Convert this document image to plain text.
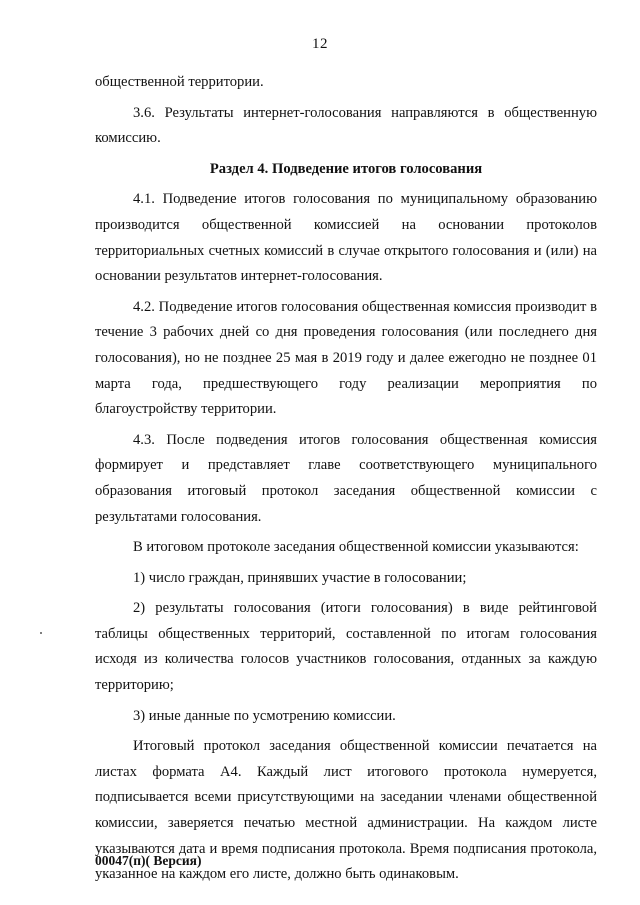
12

общественной территории.

3.6. Результаты интернет-голосования направляются в общественную комиссию.

Раздел 4. Подведение итогов голосования

4.1. Подведение итогов голосования по муниципальному образованию производится общественной комиссией на основании протоколов территориальных счетных комиссий в случае открытого голосования и (или) на основании результатов интернет-голосования.

4.2. Подведение итогов голосования общественная комиссия производит в течение 3 рабочих дней со дня проведения голосования (или последнего дня голосования), но не позднее 25 мая в 2019 году и далее ежегодно не позднее 01 марта года, предшествующего году реализации мероприятия по благоустройству территории.

4.3. После подведения итогов голосования общественная комиссия формирует и представляет главе соответствующего муниципального образования итоговый протокол заседания общественной комиссии с результатами голосования.

В итоговом протоколе заседания общественной комиссии указываются:

1) число граждан, принявших участие в голосовании;

2) результаты голосования (итоги голосования) в виде рейтинговой таблицы общественных территорий, составленной по итогам голосования исходя из количества голосов участников голосования, отданных за каждую территорию;

3) иные данные по усмотрению комиссии.

Итоговый протокол заседания общественной комиссии печатается на листах формата А4. Каждый лист итогового протокола нумеруется, подписывается всеми присутствующими на заседании членами общественной комиссии, заверяется печатью местной администрации. На каждом листе указываются дата и время подписания протокола. Время подписания протокола, указанное на каждом его листе, должно быть одинаковым.

00047(п)( Версия)
